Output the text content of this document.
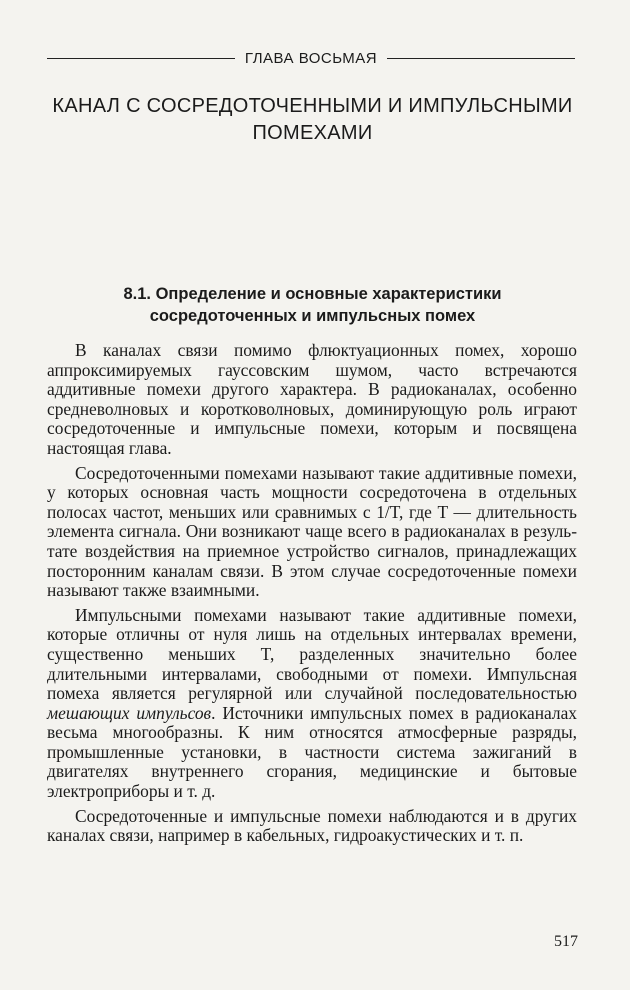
ГЛАВА ВОСЬМАЯ
КАНАЛ С СОСРЕДОТОЧЕННЫМИ И ИМПУЛЬСНЫМИ
ПОМЕХАМИ
8.1. Определение и основные характеристики
сосредоточенных и импульсных помех

В каналах связи помимо флюктуационных помех, хорошо аппроксимируемых гауссовским шумом, часто встречаются аддитивные помехи другого характера. В радиоканалах, особенно средневолновых и коротковолновых, доминирующую роль играют сосредоточенные и импульсные помехи, которым и посвящена настоящая глава.

Сосредоточенными помехами называют такие аддитивные помехи, у которых основная часть мощности сосредоточена в отдельных полосах частот, меньших или сравнимых с 1/T, где T — длительность элемента сигнала. Они возникают чаще всего в радиоканалах в результате воздействия на приемное устройство сигналов, принадлежащих посторонним каналам связи. В этом случае сосредоточенные помехи называют также взаимными.

Импульсными помехами называют такие аддитивные помехи, которые отличны от нуля лишь на отдельных интервалах времени, существенно меньших T, разделенных значительно более длительными интервалами, свободными от помехи. Импульсная помеха является регулярной или случайной последовательностью мешающих импульсов. Источники импульсных помех в радиоканалах весьма многообразны. К ним относятся атмосферные разряды, промышленные установки, в частности система зажиганий в двигателях внутреннего сгорания, медицинские и бытовые электроприборы и т. д.

Сосредоточенные и импульсные помехи наблюдаются и в других каналах связи, например в кабельных, гидроакустических и т. п.

517
